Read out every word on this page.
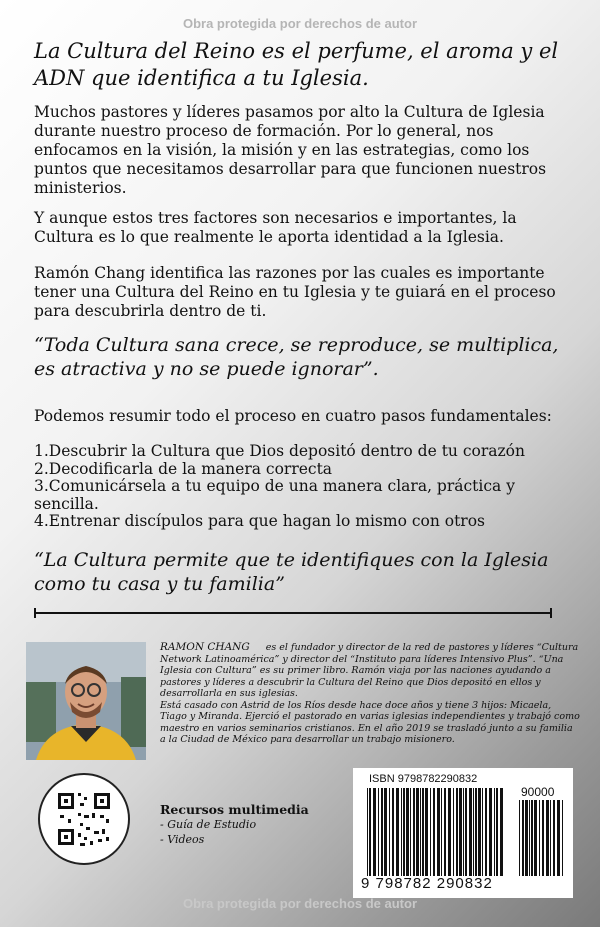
Obra protegida por derechos de autor
La Cultura del Reino es el perfume, el aroma y el ADN que identifica a tu Iglesia.
Muchos pastores y líderes pasamos por alto la Cultura de Iglesia durante nuestro proceso de formación. Por lo general, nos enfocamos en la visión, la misión y en las estrategias, como los puntos que necesitamos desarrollar para que funcionen nuestros ministerios.
Y aunque estos tres factores son necesarios e importantes, la Cultura es lo que realmente le aporta identidad a la Iglesia.
Ramón Chang identifica las razones por las cuales es importante tener una Cultura del Reino en tu Iglesia y te guiará en el proceso para descubrirla dentro de ti.
“Toda Cultura sana crece, se reproduce, se multiplica, es atractiva y no se puede ignorar”.
Podemos resumir todo el proceso en cuatro pasos fundamentales:
1.Descubrir la Cultura que Dios depositó dentro de tu corazón
2.Decodificarla de la manera correcta
3.Comunicársela a tu equipo de una manera clara, práctica y sencilla.
4.Entrenar discípulos para que hagan lo mismo con otros
“La Cultura permite que te identifiques con la Iglesia como tu casa y tu familia”
RAMON CHANG es el fundador y director de la red de pastores y líderes “Cultura Network Latinoamérica” y director del “Instituto para líderes Intensivo Plus”. “Una Iglesia con Cultura” es su primer libro. Ramón viaja por las naciones ayudando a pastores y líderes a descubrir la Cultura del Reino que Dios depositó en ellos y desarrollarla en sus iglesias.
Está casado con Astrid de los Ríos desde hace doce años y tiene 3 hijos: Micaela, Tiago y Miranda. Ejerció el pastorado en varias iglesias independientes y trabajó como maestro en varios seminarios cristianos. En el año 2019 se trasladó junto a su familia a la Ciudad de México para desarrollar un trabajo misionero.
Recursos multimedia
- Guía de Estudio
- Videos
ISBN 9798782290832
90000
9 798782 290832
Obra protegida por derechos de autor
